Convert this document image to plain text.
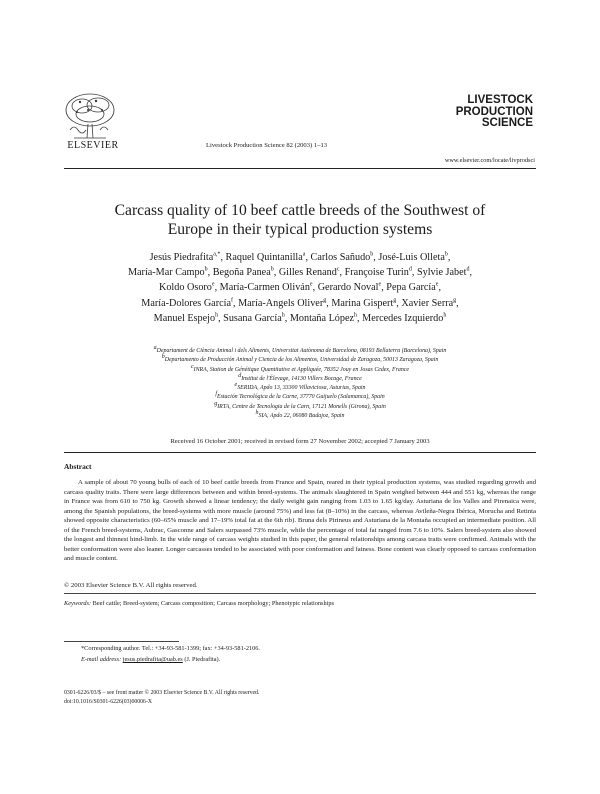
ELSEVIER	Livestock Production Science 82 (2003) 1–13
LIVESTOCK
PRODUCTION
SCIENCE
www.elsevier.com/locate/livprodsci
Carcass quality of 10 beef cattle breeds of the Southwest of
Europe in their typical production systems
Jesús Piedrafita$^{a,*}$, Raquel Quintanilla$^a$, Carlos Sañudo$^b$, José-Luis Olleta$^b$,
María-Mar Campo$^b$, Begoña Panea$^b$, Gilles Renand$^c$, Françoise Turin$^d$, Sylvie Jabet$^d$,
Koldo Osoro$^e$, María-Carmen Oliván$^e$, Gerardo Noval$^e$, Pepa García$^e$,
María-Dolores García$^f$, María-Angels Oliver$^g$, Marina Gispert$^g$, Xavier Serra$^g$,
Manuel Espejo$^h$, Susana García$^h$, Montaña López$^h$, Mercedes Izquierdo$^h$
$^a$Departament de Ciència Animal i dels Aliments, Universitat Autònoma de Barcelona, 08193 Bellaterra (Barcelona), Spain
$^b$Departamento de Producción Animal y Ciencia de los Alimentos, Universidad de Zaragoza, 50013 Zaragoza, Spain
$^c$INRA, Station de Génétique Quantitative et Appliquée, 78352 Jouy en Josas Cedex, France
$^d$Institut de l'Élevage, 14130 Villers Bocage, France
$^e$SERIDA, Apdo 13, 33300 Villaviciosa, Asturias, Spain
$^f$Estación Tecnológica de la Carne, 37770 Guijuelo (Salamanca), Spain
$^g$IRTA, Centre de Tecnologia de la Carn, 17121 Monells (Girona), Spain
$^h$SIA, Apdo 22, 06080 Badajoz, Spain
Received 16 October 2001; received in revised form 27 November 2002; accepted 7 January 2003
Abstract

A sample of about 70 young bulls of each of 10 beef cattle breeds from France and Spain, reared in their typical production systems, was studied regarding growth and carcass quality traits. There were large differences between and within breed-systems. The animals slaughtered in Spain weighed between 444 and 551 kg, whereas the range in France was from 610 to 750 kg. Growth showed a linear tendency; the daily weight gain ranging from 1.03 to 1.65 kg/day. Asturiana de los Valles and Pirenaica were, among the Spanish populations, the breed-systems with more muscle (around 75%) and less fat (8–10%) in the carcass, whereas Avileña-Negra Ibérica, Morucha and Retinta showed opposite characteristics (60–65% muscle and 17–19% total fat at the 6th rib). Bruna dels Pirineus and Asturiana de la Montaña occupied an intermediate position. All of the French breed-systems, Aubrac, Gasconne and Salers surpassed 73% muscle, while the percentage of total fat ranged from 7.6 to 10%. Salers breed-system also showed the longest and thinnest hind-limb. In the wide range of carcass weights studied in this paper, the general relationships among carcass traits were confirmed. Animals with the better conformation were also leaner. Longer carcasses tended to be associated with poor conformation and fatness. Bone content was clearly opposed to carcass conformation and muscle content.

© 2003 Elsevier Science B.V. All rights reserved.
Keywords: Beef cattle; Breed-system; Carcass composition; Carcass morphology; Phenotypic relationships
*Corresponding author. Tel.: +34-93-581-1399; fax: +34-93-581-2106.
E-mail address: jesus.piedrafita@uab.es (J. Piedrafita).
0301-6226/03/$ – see front matter © 2003 Elsevier Science B.V. All rights reserved.
doi:10.1016/S0301-6226(03)00006-X
